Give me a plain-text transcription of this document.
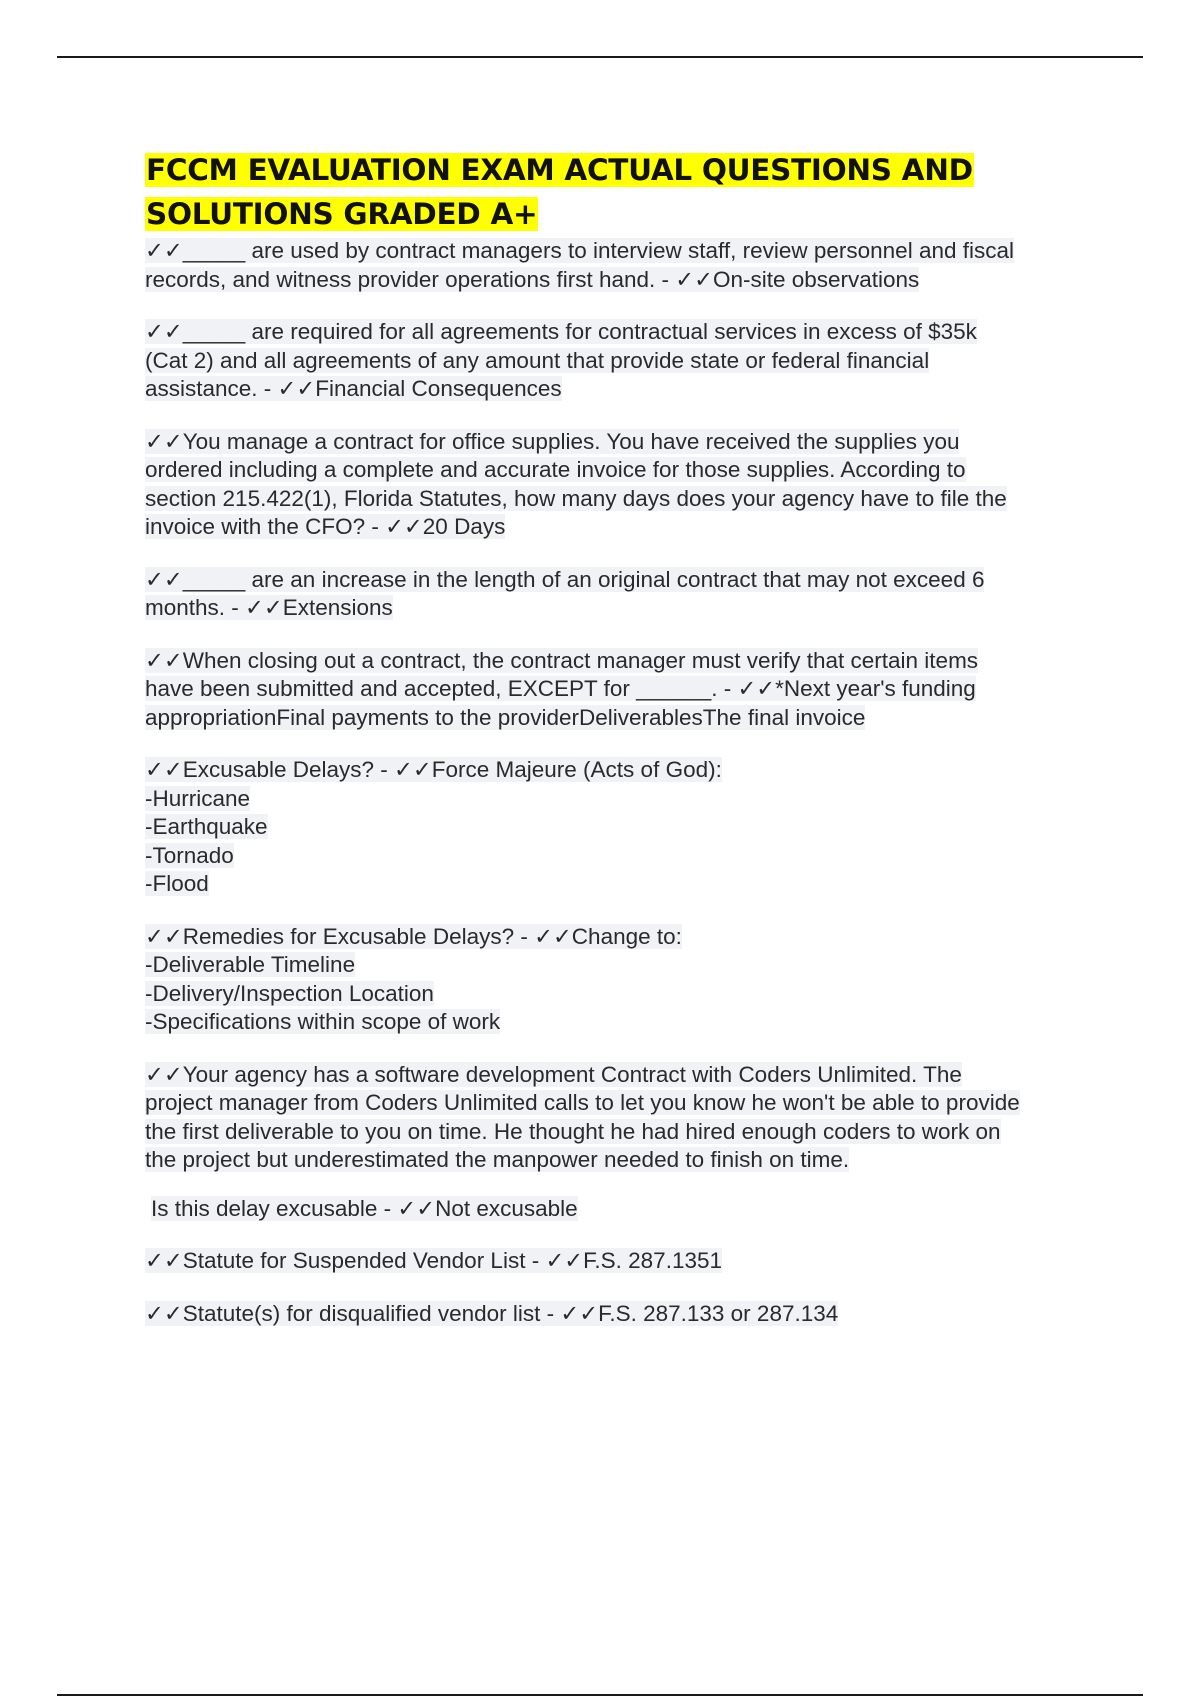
FCCM EVALUATION EXAM ACTUAL QUESTIONS AND
SOLUTIONS GRADED A+
✓✓_____ are used by contract managers to interview staff, review personnel and fiscal
records, and witness provider operations first hand. - ✓✓On-site observations
✓✓_____ are required for all agreements for contractual services in excess of $35k
(Cat 2) and all agreements of any amount that provide state or federal financial
assistance. - ✓✓Financial Consequences
✓✓You manage a contract for office supplies. You have received the supplies you
ordered including a complete and accurate invoice for those supplies. According to
section 215.422(1), Florida Statutes, how many days does your agency have to file the
invoice with the CFO? - ✓✓20 Days
✓✓_____ are an increase in the length of an original contract that may not exceed 6
months. - ✓✓Extensions
✓✓When closing out a contract, the contract manager must verify that certain items
have been submitted and accepted, EXCEPT for ______. - ✓✓*Next year's funding
appropriationFinal payments to the providerDeliverablesThe final invoice
✓✓Excusable Delays? - ✓✓Force Majeure (Acts of God):
-Hurricane
-Earthquake
-Tornado
-Flood
✓✓Remedies for Excusable Delays? - ✓✓Change to:
-Deliverable Timeline
-Delivery/Inspection Location
-Specifications within scope of work
✓✓Your agency has a software development Contract with Coders Unlimited. The
project manager from Coders Unlimited calls to let you know he won't be able to provide
the first deliverable to you on time. He thought he had hired enough coders to work on
the project but underestimated the manpower needed to finish on time.
Is this delay excusable - ✓✓Not excusable
✓✓Statute for Suspended Vendor List - ✓✓F.S. 287.1351
✓✓Statute(s) for disqualified vendor list - ✓✓F.S. 287.133 or 287.134
